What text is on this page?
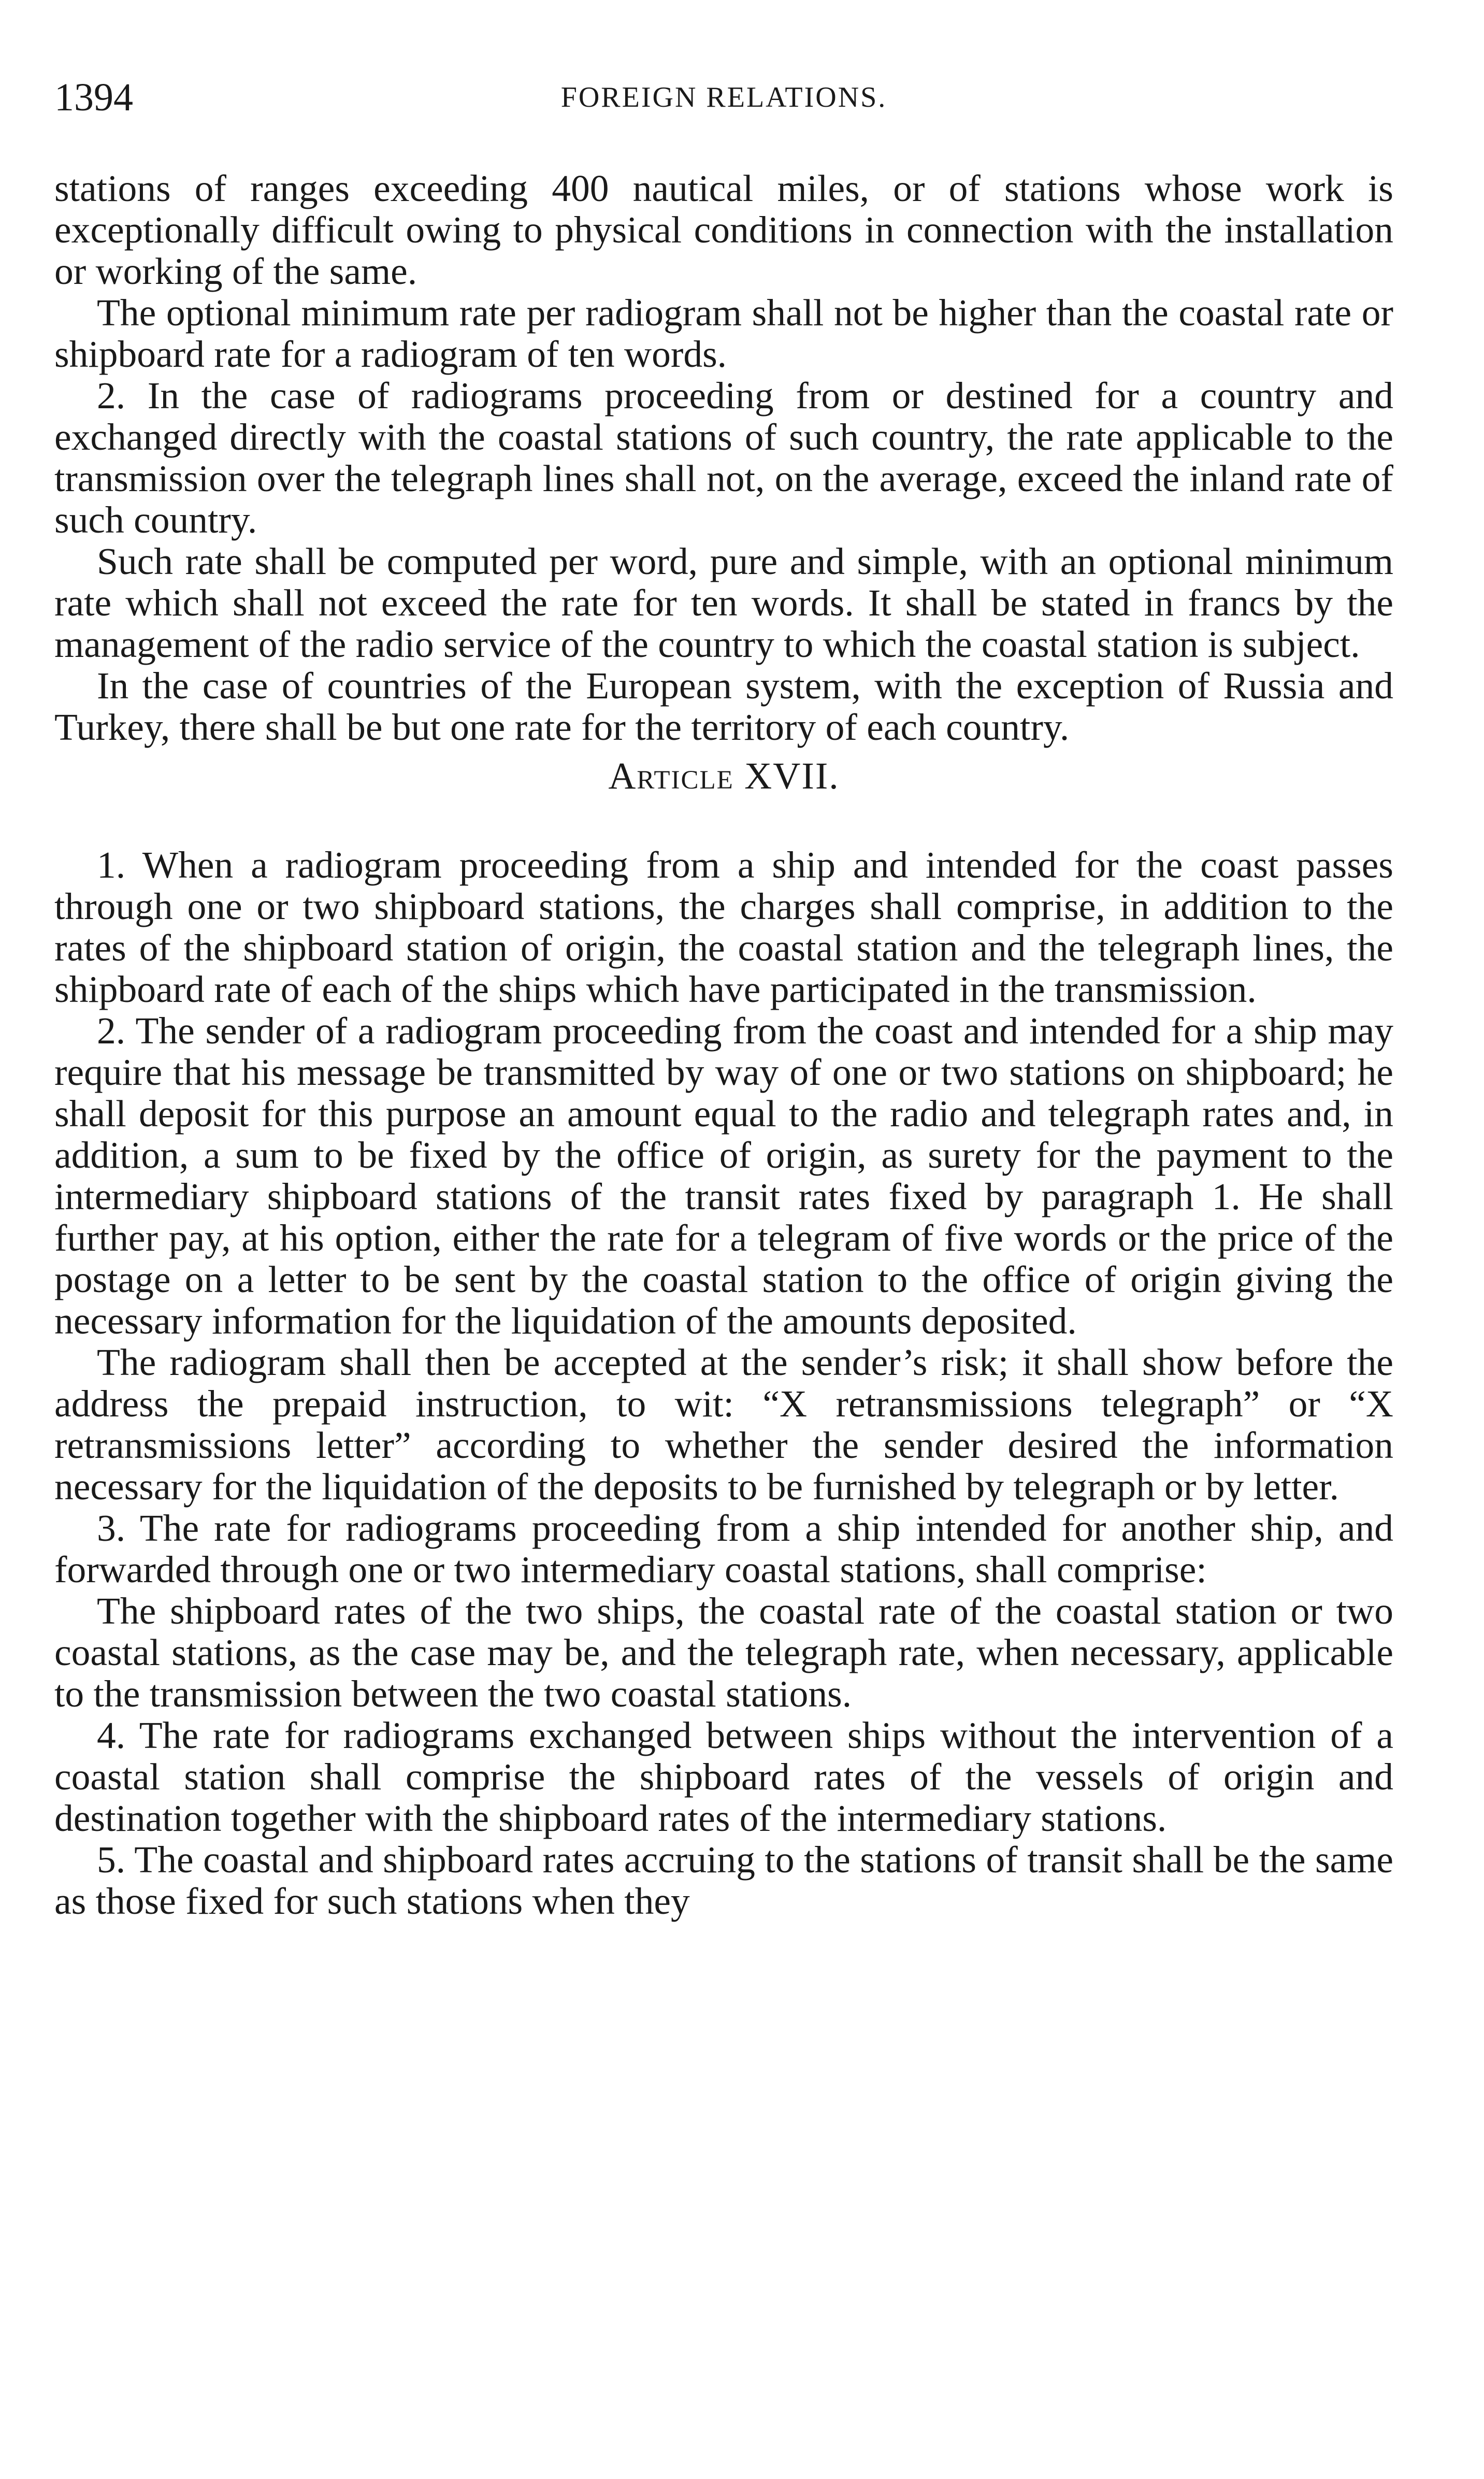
1394	FOREIGN RELATIONS.

stations of ranges exceeding 400 nautical miles, or of stations whose work is exceptionally difficult owing to physical conditions in connection with the installation or working of the same.

The optional minimum rate per radiogram shall not be higher than the coastal rate or shipboard rate for a radiogram of ten words.

2. In the case of radiograms proceeding from or destined for a country and exchanged directly with the coastal stations of such country, the rate applicable to the transmission over the telegraph lines shall not, on the average, exceed the inland rate of such country.

Such rate shall be computed per word, pure and simple, with an optional minimum rate which shall not exceed the rate for ten words. It shall be stated in francs by the management of the radio service of the country to which the coastal station is subject.

In the case of countries of the European system, with the exception of Russia and Turkey, there shall be but one rate for the territory of each country.

Article XVII.

1. When a radiogram proceeding from a ship and intended for the coast passes through one or two shipboard stations, the charges shall comprise, in addition to the rates of the shipboard station of origin, the coastal station and the telegraph lines, the shipboard rate of each of the ships which have participated in the transmission.

2. The sender of a radiogram proceeding from the coast and intended for a ship may require that his message be transmitted by way of one or two stations on shipboard; he shall deposit for this purpose an amount equal to the radio and telegraph rates and, in addition, a sum to be fixed by the office of origin, as surety for the payment to the intermediary shipboard stations of the transit rates fixed by paragraph 1. He shall further pay, at his option, either the rate for a telegram of five words or the price of the postage on a letter to be sent by the coastal station to the office of origin giving the necessary information for the liquidation of the amounts deposited.

The radiogram shall then be accepted at the sender’s risk; it shall show before the address the prepaid instruction, to wit: “X retransmissions telegraph” or “X retransmissions letter” according to whether the sender desired the information necessary for the liquidation of the deposits to be furnished by telegraph or by letter.

3. The rate for radiograms proceeding from a ship intended for another ship, and forwarded through one or two intermediary coastal stations, shall comprise:

The shipboard rates of the two ships, the coastal rate of the coastal station or two coastal stations, as the case may be, and the telegraph rate, when necessary, applicable to the transmission between the two coastal stations.

4. The rate for radiograms exchanged between ships without the intervention of a coastal station shall comprise the shipboard rates of the vessels of origin and destination together with the shipboard rates of the intermediary stations.

5. The coastal and shipboard rates accruing to the stations of transit shall be the same as those fixed for such stations when they
